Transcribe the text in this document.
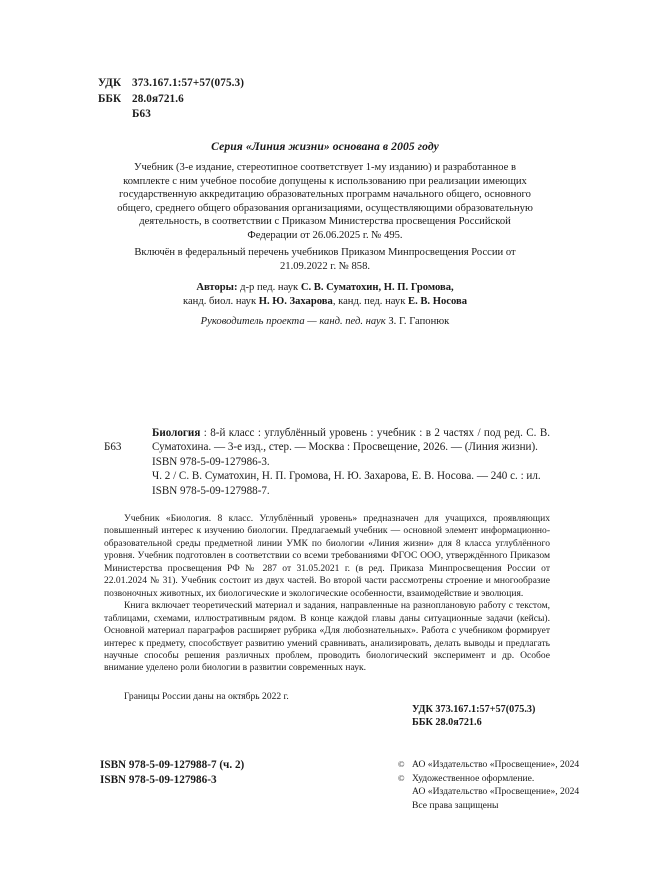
УДК 373.167.1:57+57(075.3)
ББК 28.0я721.6
Б63
Серия «Линия жизни» основана в 2005 году
Учебник (3-е издание, стереотипное соответствует 1-му изданию) и разработанное в комплекте с ним учебное пособие допущены к использованию при реализации имеющих государственную аккредитацию образовательных программ начального общего, основного общего, среднего общего образования организациями, осуществляющими образовательную деятельность, в соответствии с Приказом Министерства просвещения Российской Федерации от 26.06.2025 г. № 495.
Включён в федеральный перечень учебников Приказом Минпросвещения России от 21.09.2022 г. № 858.
Авторы: д-р пед. наук С. В. Суматохин, Н. П. Громова,
канд. биол. наук Н. Ю. Захарова, канд. пед. наук Е. В. Носова
Руководитель проекта — канд. пед. наук З. Г. Гапонюк
Б63
Биология : 8-й класс : углублённый уровень : учебник : в 2 частях / под ред. С. В. Суматохина. — 3-е изд., стер. — Москва : Просвещение, 2026. — (Линия жизни).
ISBN 978-5-09-127986-3.
Ч. 2 / С. В. Суматохин, Н. П. Громова, Н. Ю. Захарова, Е. В. Носова. — 240 с. : ил.
ISBN 978-5-09-127988-7.

Учебник «Биология. 8 класс. Углублённый уровень» предназначен для учащихся, проявляющих повышенный интерес к изучению биологии. Предлагаемый учебник — основной элемент информационно-образовательной среды предметной линии УМК по биологии «Линия жизни» для 8 класса углублённого уровня. Учебник подготовлен в соответствии со всеми требованиями ФГОС ООО, утверждённого Приказом Министерства просвещения РФ № 287 от 31.05.2021 г. (в ред. Приказа Минпросвещения России от 22.01.2024 № 31). Учебник состоит из двух частей. Во второй части рассмотрены строение и многообразие позвоночных животных, их биологические и экологические особенности, взаимодействие и эволюция.

Книга включает теоретический материал и задания, направленные на разноплановую работу с текстом, таблицами, схемами, иллюстративным рядом. В конце каждой главы даны ситуационные задачи (кейсы). Основной материал параграфов расширяет рубрика «Для любознательных». Работа с учебником формирует интерес к предмету, способствует развитию умений сравнивать, анализировать, делать выводы и предлагать научные способы решения различных проблем, проводить биологический эксперимент и др. Особое внимание уделено роли биологии в развитии современных наук.

Границы России даны на октябрь 2022 г.
УДК 373.167.1:57+57(075.3)
ББК 28.0я721.6
ISBN 978-5-09-127988-7 (ч. 2)
ISBN 978-5-09-127986-3
© АО «Издательство «Просвещение», 2024
© Художественное оформление.
АО «Издательство «Просвещение», 2024
Все права защищены
